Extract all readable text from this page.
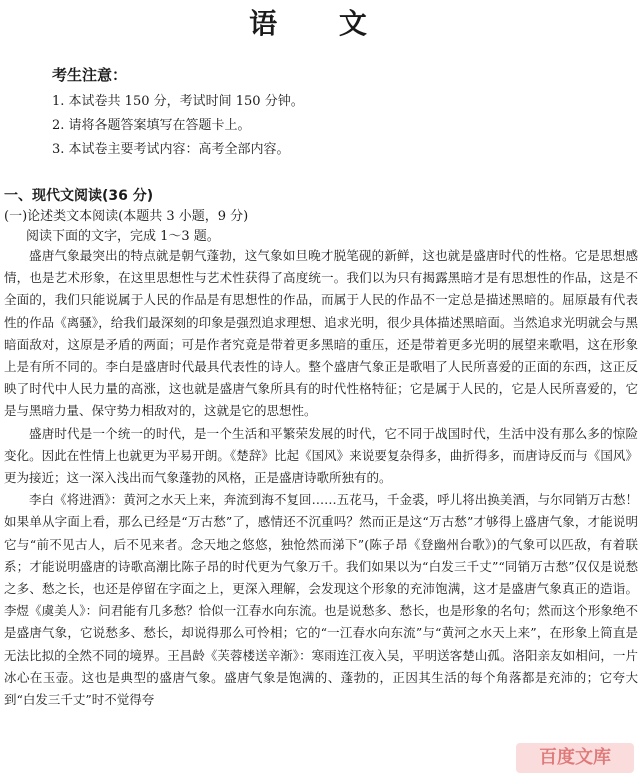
语 文
考生注意：
1. 本试卷共 150 分，考试时间 150 分钟。
2. 请将各题答案填写在答题卡上。
3. 本试卷主要考试内容：高考全部内容。
一、现代文阅读(36 分)
(一)论述类文本阅读(本题共 3 小题，9 分)
阅读下面的文字，完成 1～3 题。

盛唐气象最突出的特点就是朝气蓬勃，这气象如旦晚才脱笔砚的新鲜，这也就是盛唐时代的性格。它是思想感情，也是艺术形象，在这里思想性与艺术性获得了高度统一。我们以为只有揭露黑暗才是有思想性的作品，这是不全面的，我们只能说属于人民的作品是有思想性的作品，而属于人民的作品不一定总是描述黑暗的。屈原最有代表性的作品《离骚》，给我们最深刻的印象是强烈追求理想、追求光明，很少具体描述黑暗面。当然追求光明就会与黑暗面敌对，这原是矛盾的两面；可是作者究竟是带着更多黑暗的重压，还是带着更多光明的展望来歌唱，这在形象上是有所不同的。李白是盛唐时代最具代表性的诗人。整个盛唐气象正是歌唱了人民所喜爱的正面的东西，这正反映了时代中人民力量的高涨，这也就是盛唐气象所具有的时代性格特征；它是属于人民的，它是人民所喜爱的，它是与黑暗力量、保守势力相敌对的，这就是它的思想性。

盛唐时代是一个统一的时代，是一个生活和平繁荣发展的时代，它不同于战国时代，生活中没有那么多的惊险变化。因此在性情上也就更为平易开朗。《楚辞》比起《国风》来说要复杂得多，曲折得多，而唐诗反而与《国风》更为接近；这一深入浅出而气象蓬勃的风格，正是盛唐诗歌所独有的。

李白《将进酒》：黄河之水天上来，奔流到海不复回……五花马，千金裘，呼儿将出换美酒，与尔同销万古愁！如果单从字面上看，那么已经是“万古愁”了，感情还不沉重吗？然而正是这“万古愁”才够得上盛唐气象，才能说明它与“前不见古人，后不见来者。念天地之悠悠，独怆然而涕下”(陈子昂《登幽州台歌》)的气象可以匹敌，有着联系；才能说明盛唐的诗歌高潮比陈子昂的时代更为气象万千。我们如果以为“白发三千丈”“同销万古愁”仅仅是说愁之多、愁之长，也还是停留在字面之上，更深入理解，会发现这个形象的充沛饱满，这才是盛唐气象真正的造诣。李煜《虞美人》：问君能有几多愁？恰似一江春水向东流。也是说愁多、愁长，也是形象的名句；然而这个形象绝不是盛唐气象，它说愁多、愁长，却说得那么可怜相；它的“一江春水向东流”与“黄河之水天上来”，在形象上简直是无法比拟的全然不同的境界。王昌龄《芙蓉楼送辛渐》：寒雨连江夜入吴，平明送客楚山孤。洛阳亲友如相问，一片冰心在玉壶。这也是典型的盛唐气象。盛唐气象是饱满的、蓬勃的，正因其生活的每个角落都是充沛的；它夸大到“白发三千丈”时不觉得夸

百度文库
